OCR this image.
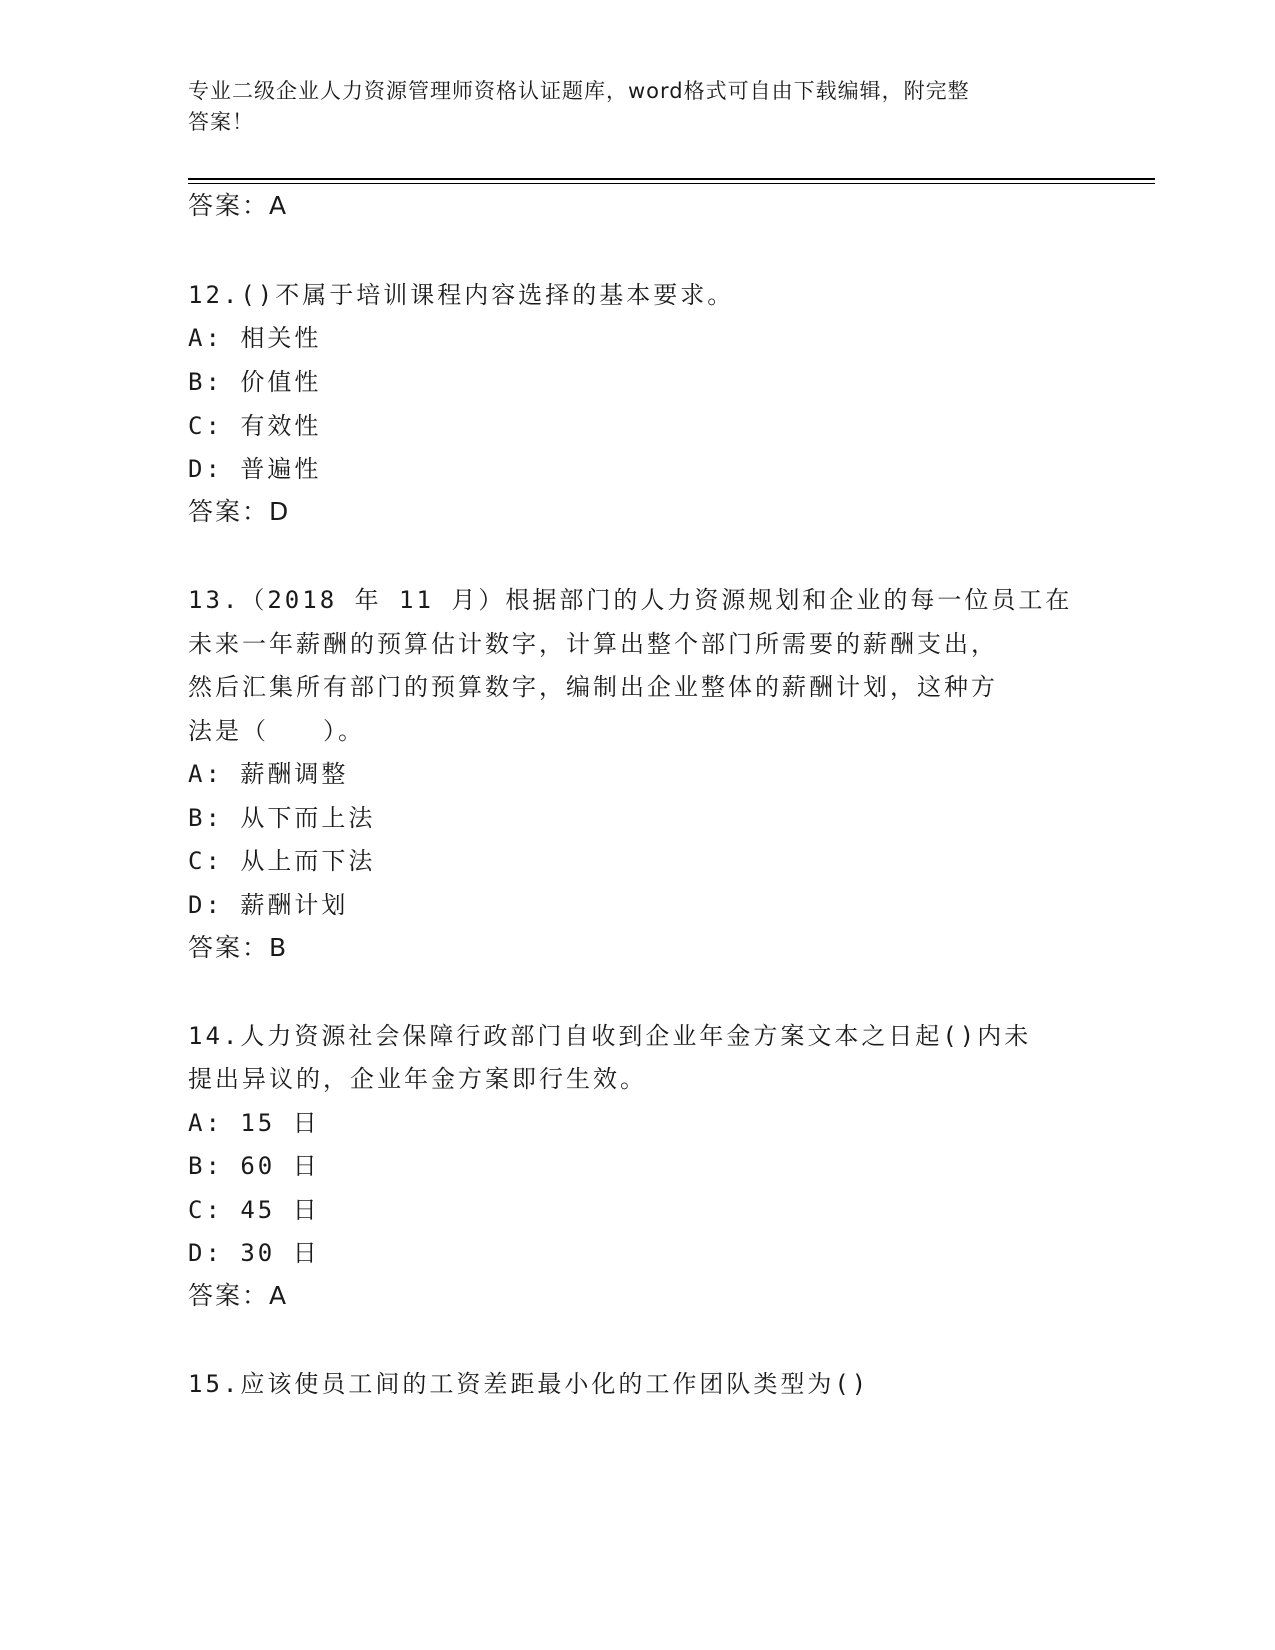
专业二级企业人力资源管理师资格认证题库，word格式可自由下载编辑，附完整
答案！
答案：A
12.()不属于培训课程内容选择的基本要求。
A: 相关性
B: 价值性
C: 有效性
D: 普遍性
答案：D
13.（2018 年 11 月）根据部门的人力资源规划和企业的每一位员工在
未来一年薪酬的预算估计数字，计算出整个部门所需要的薪酬支出，
然后汇集所有部门的预算数字，编制出企业整体的薪酬计划，这种方
法是（　　）。
A: 薪酬调整
B: 从下而上法
C: 从上而下法
D: 薪酬计划
答案：B
14.人力资源社会保障行政部门自收到企业年金方案文本之日起()内未
提出异议的，企业年金方案即行生效。
A: 15 日
B: 60 日
C: 45 日
D: 30 日
答案：A
15.应该使员工间的工资差距最小化的工作团队类型为()
